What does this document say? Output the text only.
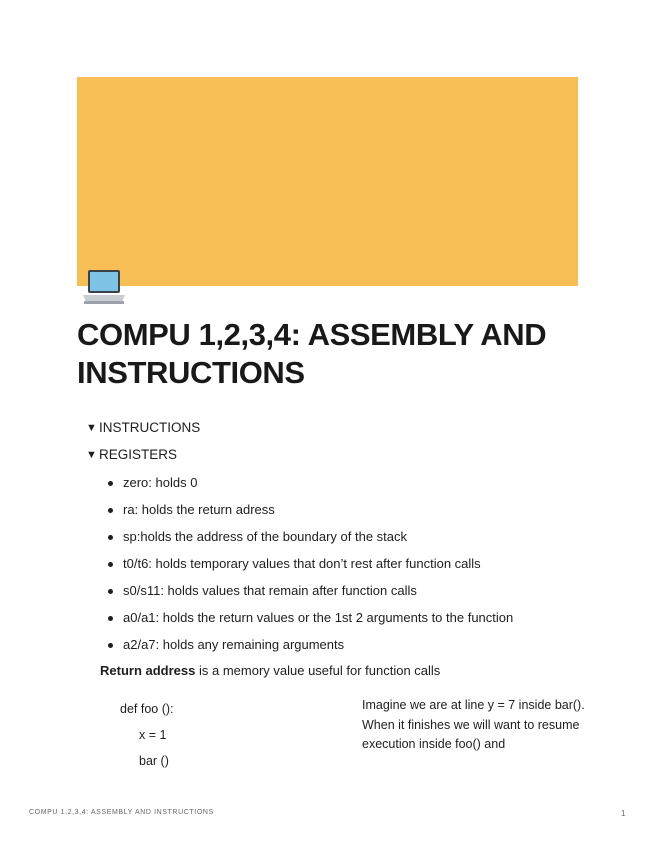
COMPU 1,2,3,4: ASSEMBLY AND INSTRUCTIONS
▼ INSTRUCTIONS
▼ REGISTERS
zero: holds 0
ra: holds the return adress
sp:holds the address of the boundary of the stack
t0/t6: holds temporary values that don’t rest after function calls
s0/s11: holds values that remain after function calls
a0/a1: holds the return values or the 1st 2 arguments to the function
a2/a7: holds any remaining arguments
Return address is a memory value useful for function calls
def foo ():
x = 1
bar ()
Imagine we are at line y = 7 inside bar(). When it finishes we will want to resume execution inside foo() and
COMPU 1,2,3,4: ASSEMBLY AND INSTRUCTIONS	1
